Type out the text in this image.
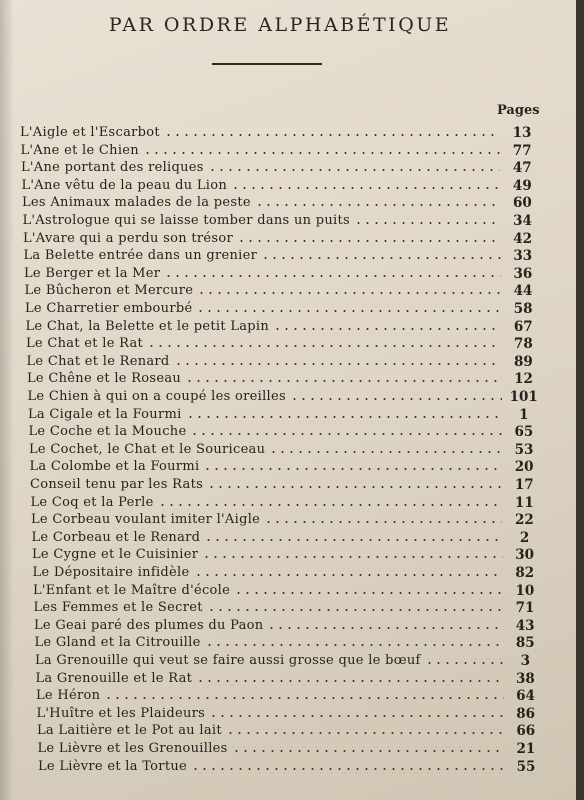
PAR ORDRE ALPHABÉTIQUE
Pages
L'Aigle et l'Escarbot	13
L'Ane et le Chien	77
L'Ane portant des reliques	47
L'Ane vêtu de la peau du Lion	49
Les Animaux malades de la peste	60
L'Astrologue qui se laisse tomber dans un puits	34
L'Avare qui a perdu son trésor	42
La Belette entrée dans un grenier	33
Le Berger et la Mer	36
Le Bûcheron et Mercure	44
Le Charretier embourbé	58
Le Chat, la Belette et le petit Lapin	67
Le Chat et le Rat	78
Le Chat et le Renard	89
Le Chêne et le Roseau	12
Le Chien à qui on a coupé les oreilles	101
La Cigale et la Fourmi	1
Le Coche et la Mouche	65
Le Cochet, le Chat et le Souriceau	53
La Colombe et la Fourmi	20
Conseil tenu par les Rats	17
Le Coq et la Perle	11
Le Corbeau voulant imiter l'Aigle	22
Le Corbeau et le Renard	2
Le Cygne et le Cuisinier	30
Le Dépositaire infidèle	82
L'Enfant et le Maître d'école	10
Les Femmes et le Secret	71
Le Geai paré des plumes du Paon	43
Le Gland et la Citrouille	85
La Grenouille qui veut se faire aussi grosse que le bœuf	3
La Grenouille et le Rat	38
Le Héron	64
L'Huître et les Plaideurs	86
La Laitière et le Pot au lait	66
Le Lièvre et les Grenouilles	21
Le Lièvre et la Tortue	55
